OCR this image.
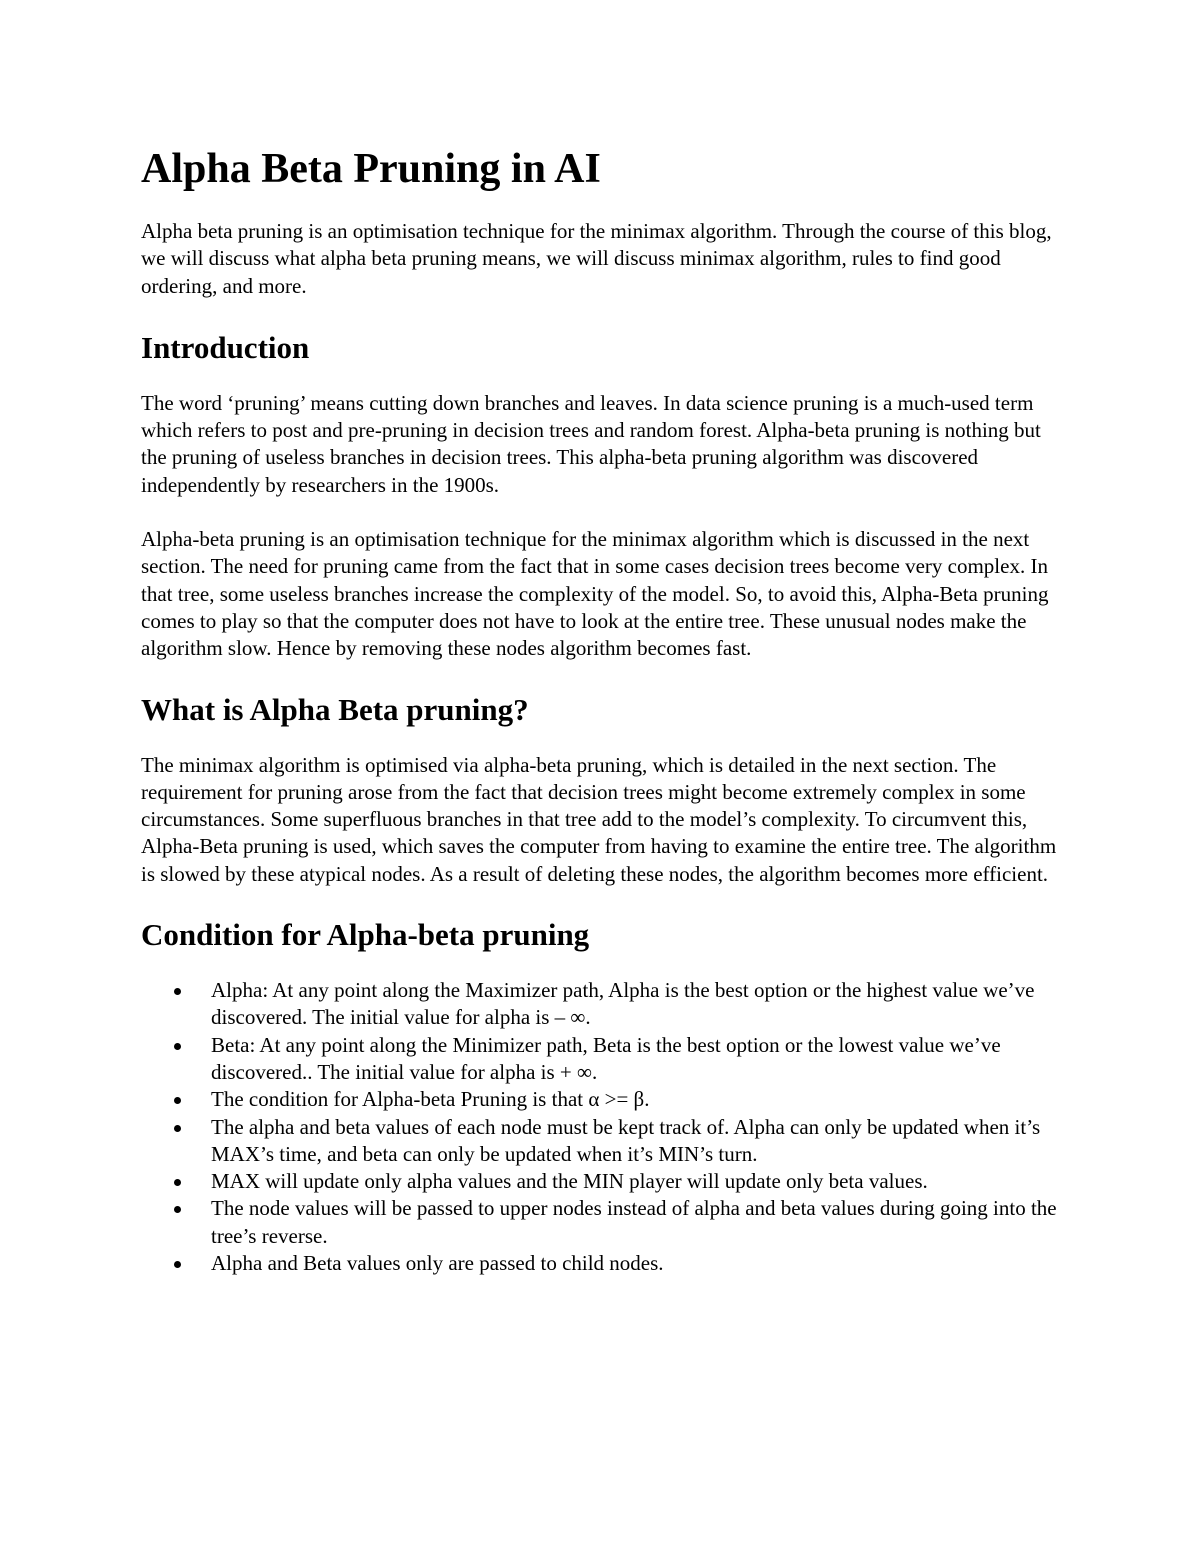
Alpha Beta Pruning in AI

Alpha beta pruning is an optimisation technique for the minimax algorithm. Through the course of this blog, we will discuss what alpha beta pruning means, we will discuss minimax algorithm, rules to find good ordering, and more.

Introduction

The word ‘pruning’ means cutting down branches and leaves. In data science pruning is a much-used term which refers to post and pre-pruning in decision trees and random forest. Alpha-beta pruning is nothing but the pruning of useless branches in decision trees. This alpha-beta pruning algorithm was discovered independently by researchers in the 1900s.

Alpha-beta pruning is an optimisation technique for the minimax algorithm which is discussed in the next section. The need for pruning came from the fact that in some cases decision trees become very complex. In that tree, some useless branches increase the complexity of the model. So, to avoid this, Alpha-Beta pruning comes to play so that the computer does not have to look at the entire tree. These unusual nodes make the algorithm slow. Hence by removing these nodes algorithm becomes fast.

What is Alpha Beta pruning?

The minimax algorithm is optimised via alpha-beta pruning, which is detailed in the next section. The requirement for pruning arose from the fact that decision trees might become extremely complex in some circumstances. Some superfluous branches in that tree add to the model’s complexity. To circumvent this, Alpha-Beta pruning is used, which saves the computer from having to examine the entire tree. The algorithm is slowed by these atypical nodes. As a result of deleting these nodes, the algorithm becomes more efficient.

Condition for Alpha-beta pruning
Alpha: At any point along the Maximizer path, Alpha is the best option or the highest value we’ve discovered. The initial value for alpha is – ∞.
Beta: At any point along the Minimizer path, Beta is the best option or the lowest value we’ve discovered.. The initial value for alpha is + ∞.
The condition for Alpha-beta Pruning is that α >= β.
The alpha and beta values of each node must be kept track of. Alpha can only be updated when it’s MAX’s time, and beta can only be updated when it’s MIN’s turn.
MAX will update only alpha values and the MIN player will update only beta values.
The node values will be passed to upper nodes instead of alpha and beta values during going into the tree’s reverse.
Alpha and Beta values only are passed to child nodes.
